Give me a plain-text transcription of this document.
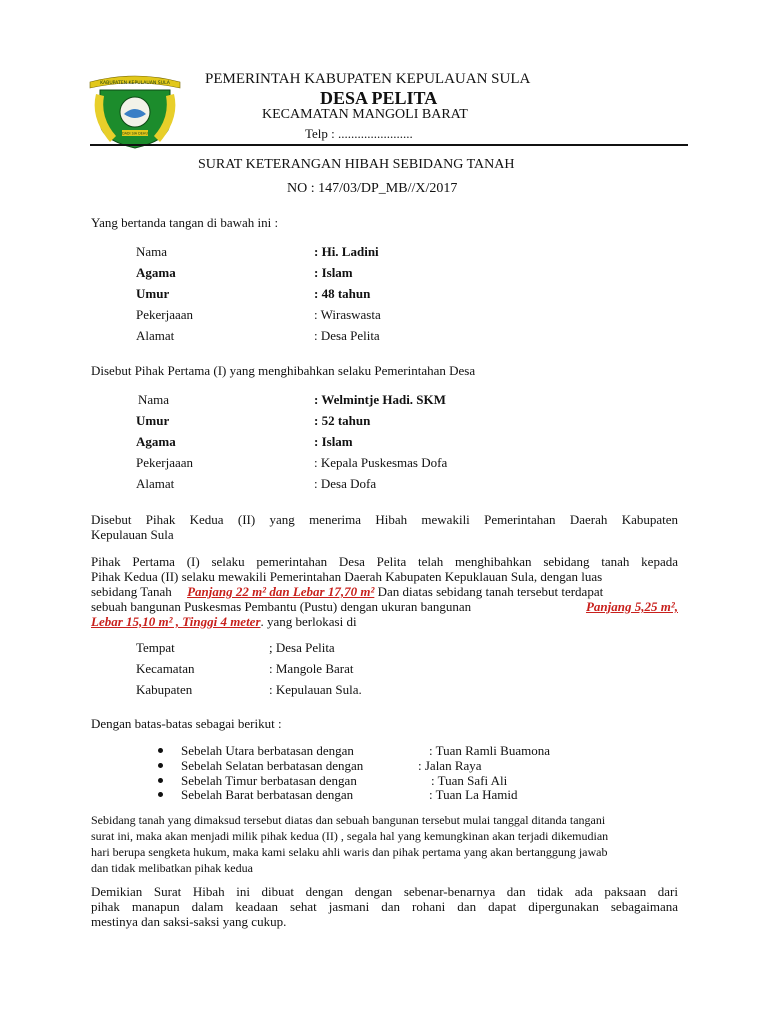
KABUPATEN KEPULAUAN SULA
DADI SIA DEHU
PEMERINTAH KABUPATEN KEPULAUAN SULA
DESA PELITA
KECAMATAN MANGOLI BARAT
Telp : .......................
SURAT KETERANGAN HIBAH SEBIDANG TANAH
NO : 147/03/DP_MB//X/2017
Yang bertanda tangan di bawah ini :
Nama	: Hi. Ladini
Agama	: Islam
Umur	: 48 tahun
Pekerjaaan	: Wiraswasta
Alamat	: Desa Pelita
Disebut Pihak Pertama (I) yang menghibahkan selaku Pemerintahan Desa
Nama	: Welmintje Hadi. SKM
Umur	: 52 tahun
Agama	: Islam
Pekerjaaan	: Kepala Puskesmas Dofa
Alamat	: Desa Dofa
Disebut Pihak Kedua (II) yang menerima Hibah mewakili Pemerintahan Daerah Kabupaten
Kepulauan Sula
Pihak Pertama (I) selaku pemerintahan Desa Pelita telah menghibahkan sebidang tanah kepada
Pihak Kedua (II) selaku mewakili Pemerintahan Daerah Kabupaten Kepuklauan Sula, dengan luas
sebidang Tanah Panjang 22 m² dan Lebar 17,70 m² Dan diatas sebidang tanah tersebut terdapat
sebuah bangunan Puskesmas Pembantu (Pustu) dengan ukuran bangunan	Panjang 5,25 m²,
Lebar 15,10 m² , Tinggi 4 meter. yang berlokasi di
Tempat	; Desa Pelita
Kecamatan	: Mangole Barat
Kabupaten	: Kepulauan Sula.
Dengan batas-batas sebagai berikut :
Sebelah Utara berbatasan dengan	: Tuan Ramli Buamona
Sebelah Selatan berbatasan dengan	: Jalan Raya
Sebelah Timur berbatasan dengan	: Tuan Safi Ali
Sebelah Barat berbatasan dengan	: Tuan La Hamid
Sebidang tanah yang dimaksud tersebut diatas dan sebuah bangunan tersebut mulai tanggal ditanda tangani
surat ini, maka akan menjadi milik pihak kedua (II) , segala hal yang kemungkinan akan terjadi dikemudian
hari berupa sengketa hukum, maka kami selaku ahli waris dan pihak pertama yang akan bertanggung jawab
dan tidak melibatkan pihak kedua
Demikian Surat Hibah ini dibuat dengan dengan sebenar-benarnya dan tidak ada paksaan dari
pihak manapun dalam keadaan sehat jasmani dan rohani dan dapat dipergunakan sebagaimana
mestinya dan saksi-saksi yang cukup.
